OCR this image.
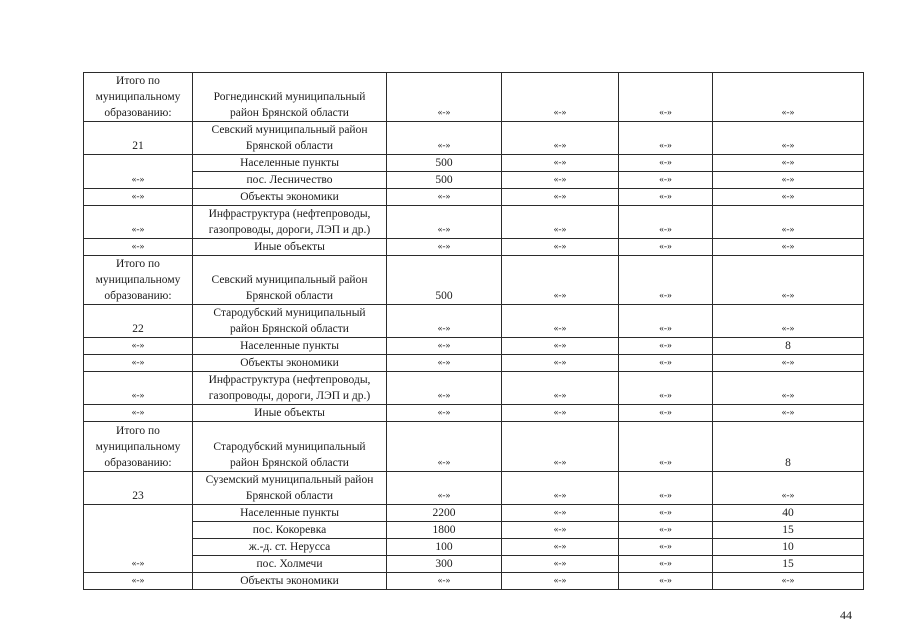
Итого по
муниципальному
образованию:	Рогнединский муниципальный
район Брянской области	«-»	«-»	«-»	«-»
21	Севский муниципальный район
Брянской области	«-»	«-»	«-»	«-»
«-»	Населенные пункты	500	«-»	«-»	«-»
	пос. Лесничество	500	«-»	«-»	«-»
«-»	Объекты экономики	«-»	«-»	«-»	«-»
«-»	Инфраструктура (нефтепроводы,
газопроводы, дороги, ЛЭП и др.)	«-»	«-»	«-»	«-»
«-»	Иные объекты	«-»	«-»	«-»	«-»
Итого по
муниципальному
образованию:	Севский муниципальный район
Брянской области	500	«-»	«-»	«-»
22	Стародубский муниципальный
район Брянской области	«-»	«-»	«-»	«-»
«-»	Населенные пункты	«-»	«-»	«-»	8
«-»	Объекты экономики	«-»	«-»	«-»	«-»
«-»	Инфраструктура (нефтепроводы,
газопроводы, дороги, ЛЭП и др.)	«-»	«-»	«-»	«-»
«-»	Иные объекты	«-»	«-»	«-»	«-»
Итого по
муниципальному
образованию:	Стародубский муниципальный
район Брянской области	«-»	«-»	«-»	8
23	Суземский муниципальный район
Брянской области	«-»	«-»	«-»	«-»
«-»	Населенные пункты	2200	«-»	«-»	40
	пос. Кокоревка	1800	«-»	«-»	15
	ж.-д. ст. Нерусса	100	«-»	«-»	10
	пос. Холмечи	300	«-»	«-»	15
«-»	Объекты экономики	«-»	«-»	«-»	«-»
44
